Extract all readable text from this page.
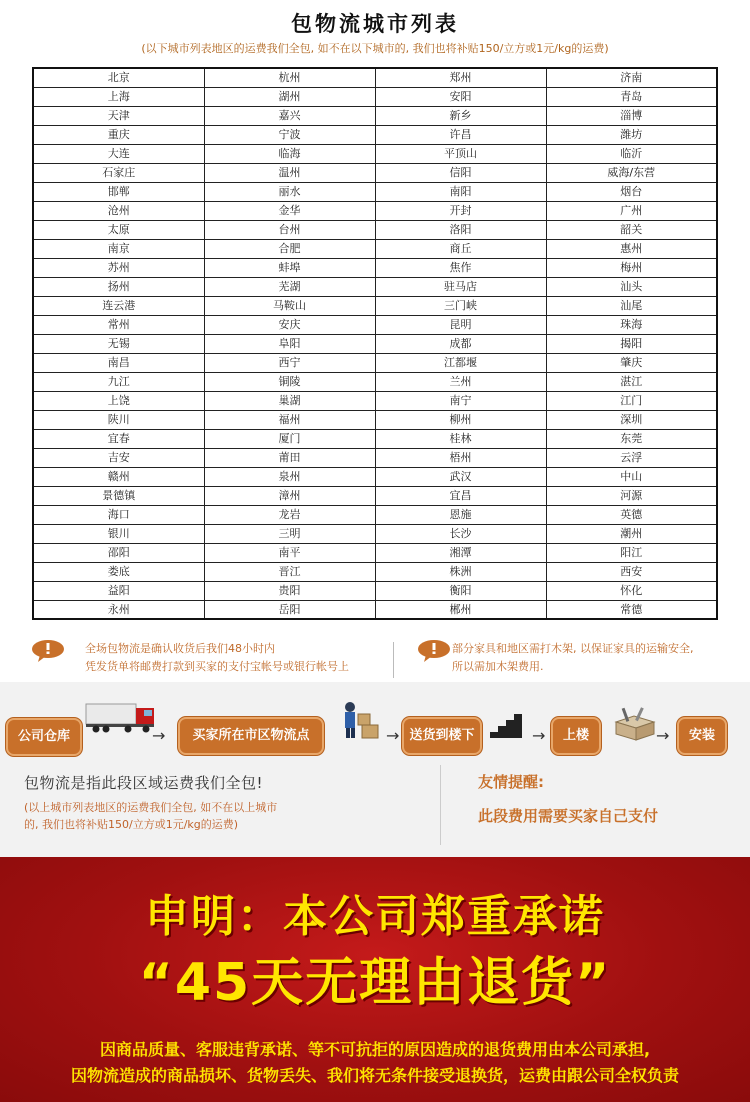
包物流城市列表
(以下城市列表地区的运费我们全包, 如不在以下城市的, 我们也将补贴150/立方或1元/kg的运费)
北京	杭州	郑州	济南
上海	湖州	安阳	青岛
天津	嘉兴	新乡	淄博
重庆	宁波	许昌	潍坊
大连	临海	平顶山	临沂
石家庄	温州	信阳	威海/东营
邯郸	丽水	南阳	烟台
沧州	金华	开封	广州
太原	台州	洛阳	韶关
南京	合肥	商丘	惠州
苏州	蚌埠	焦作	梅州
扬州	芜湖	驻马店	汕头
连云港	马鞍山	三门峡	汕尾
常州	安庆	昆明	珠海
无锡	阜阳	成都	揭阳
南昌	西宁	江都堰	肇庆
九江	铜陵	兰州	湛江
上饶	巢湖	南宁	江门
陕川	福州	柳州	深圳
宜春	厦门	桂林	东莞
吉安	莆田	梧州	云浮
赣州	泉州	武汉	中山
景德镇	漳州	宜昌	河源
海口	龙岩	恩施	英德
银川	三明	长沙	潮州
邵阳	南平	湘潭	阳江
娄底	晋江	株洲	西安
益阳	贵阳	衡阳	怀化
永州	岳阳	郴州	常德
全场包物流是确认收货后我们48小时内
凭发货单将邮费打款到买家的支付宝帐号或银行帐号上
部分家具和地区需打木架, 以保证家具的运输安全,
所以需加木架费用.
公司仓库	→	买家所在市区物流点	→ 送货到楼下	→	上楼	→	安装
包物流是指此段区域运费我们全包!
(以上城市列表地区的运费我们全包, 如不在以上城市
的, 我们也将补贴150/立方或1元/kg的运费)
友情提醒:
此段费用需要买家自己支付
申明：本公司郑重承诺
“45天无理由退货”
因商品质量、客服违背承诺、等不可抗拒的原因造成的退货费用由本公司承担,
因物流造成的商品损坏、货物丢失、我们将无条件接受退换货，运费由跟公司全权负责
